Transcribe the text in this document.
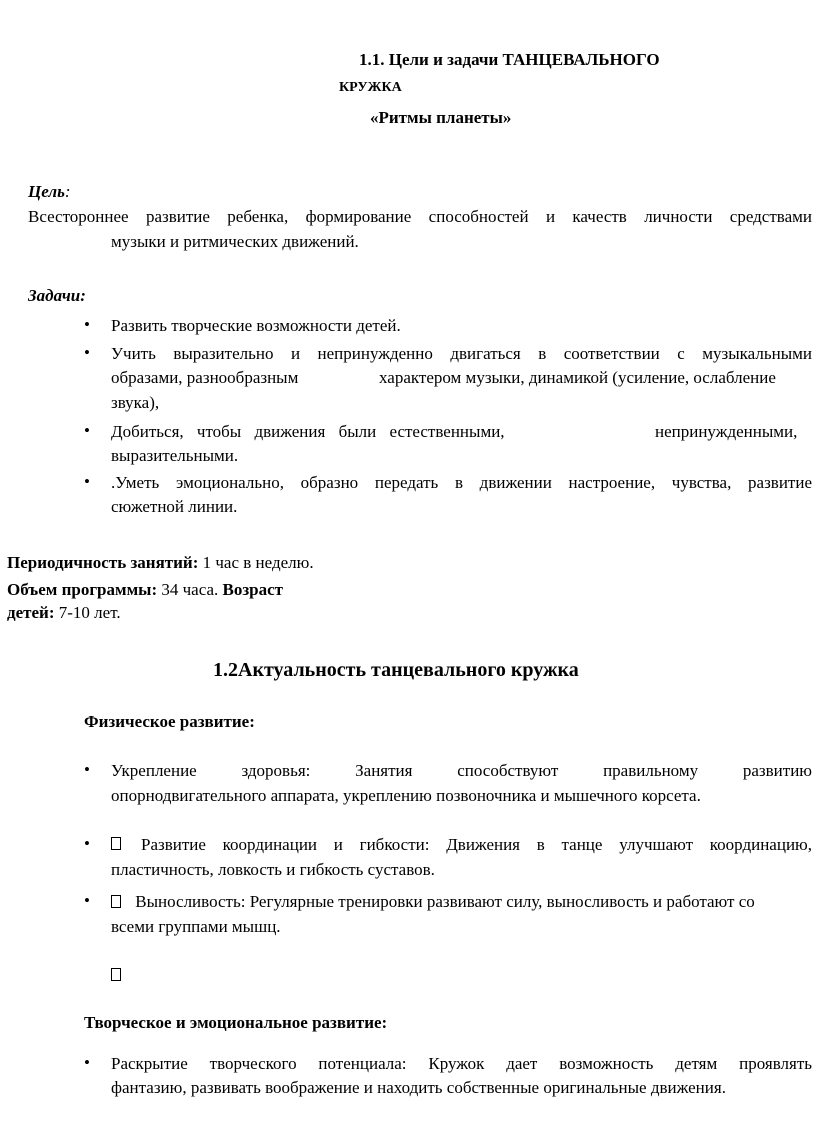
1.1. Цели и задачи ТАНЦЕВАЛЬНОГО
КРУЖКА
«Ритмы планеты»
Цель:
Всестороннее развитие ребенка, формирование способностей и качеств личности средствами
музыки и ритмических движений.
Задачи:
• Развить творческие возможности детей.
• Учить выразительно и непринужденно двигаться в соответствии с музыкальными
образами, разнообразным	характером музыки, динамикой (усиление, ослабление
звука),
• Добиться, чтобы движения были естественными,	непринужденными,
выразительными.
• .Уметь эмоционально, образно передать в движении настроение, чувства, развитие
сюжетной линии.
Периодичность занятий: 1 час в неделю.
Объем программы: 34 часа. Возраст
детей: 7-10 лет.
1.2Актуальность танцевального кружка
Физическое развитие:
• Укрепление здоровья: Занятия способствуют правильному развитию
опорнодвигательного аппарата, укреплению позвоночника и мышечного корсета.
•	Развитие координации и гибкости: Движения в танце улучшают координацию,
пластичность, ловкость и гибкость суставов.
•	Выносливость: Регулярные тренировки развивают силу, выносливость и работают со
всеми группами мышц.
Творческое и эмоциональное развитие:
• Раскрытие творческого потенциала: Кружок дает возможность детям проявлять
фантазию, развивать воображение и находить собственные оригинальные движения.
